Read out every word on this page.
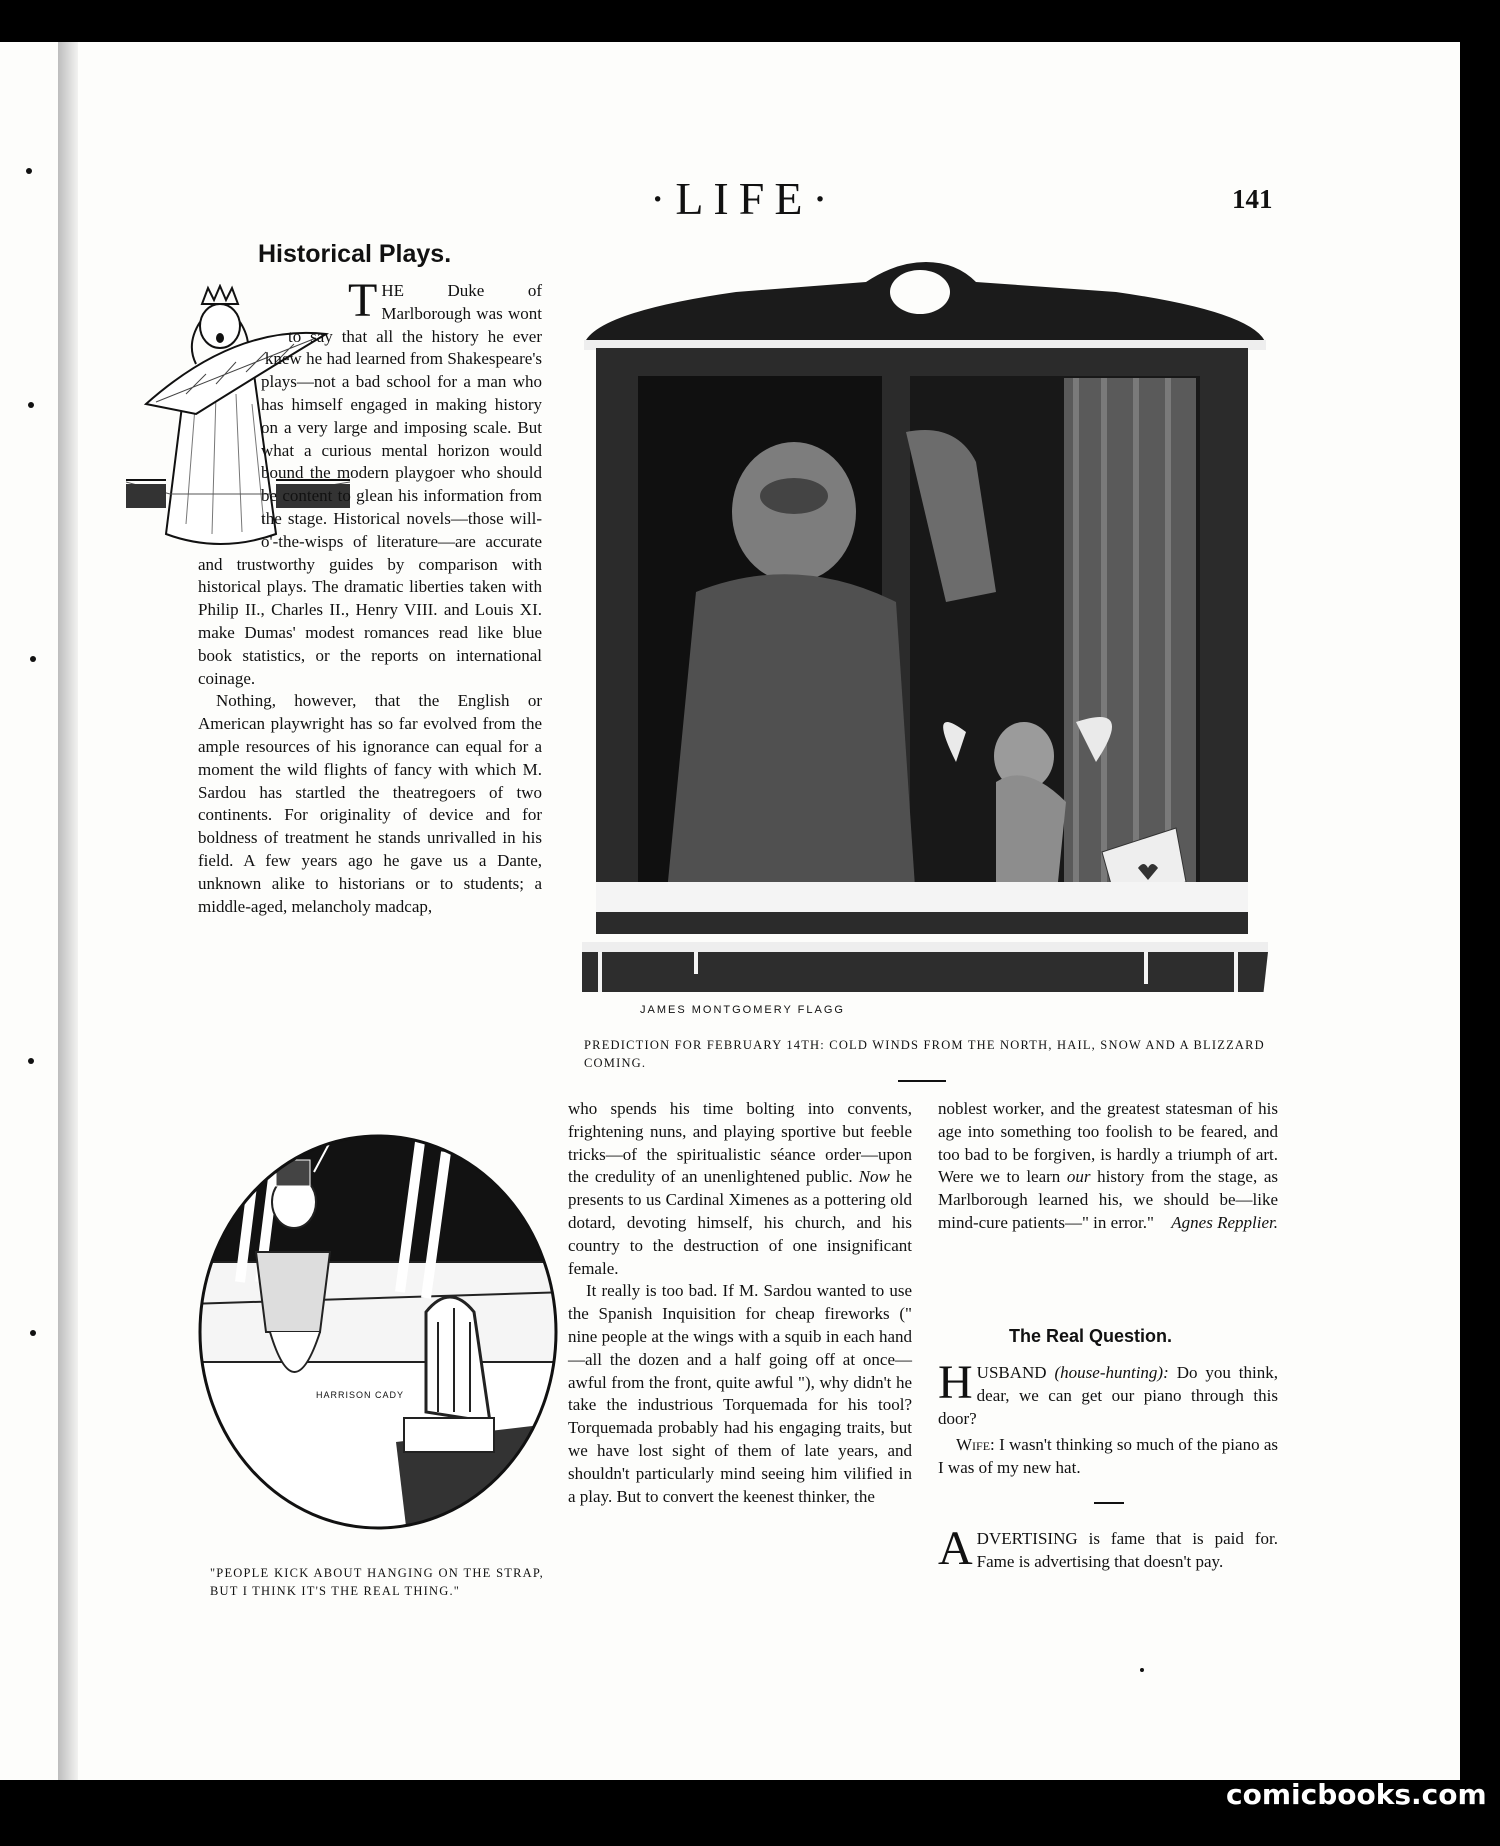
·LIFE·	141
Historical Plays.

THE Duke of Marlborough was wont to say that all the history he ever knew he had learned from Shakespeare's plays—not a bad school for a man who has himself engaged in making history on a very large and imposing scale. But what a curious mental horizon would bound the modern playgoer who should be content to glean his information from the stage. Historical novels—those will-o'-the-wisps of literature—are accurate and trustworthy guides by comparison with historical plays. The dramatic liberties taken with Philip II., Charles II., Henry VIII. and Louis XI. make Dumas' modest romances read like blue book statistics, or the reports on international coinage.

Nothing, however, that the English or American playwright has so far evolved from the ample resources of his ignorance can equal for a moment the wild flights of fancy with which M. Sardou has startled the theatregoers of two continents. For originality of device and for boldness of treatment he stands unrivalled in his field. A few years ago he gave us a Dante, unknown alike to historians or to students; a middle-aged, melancholy madcap,

JAMES MONTGOMERY FLAGG
PREDICTION FOR FEBRUARY 14TH: COLD WINDS FROM THE NORTH, HAIL, SNOW AND A BLIZZARD COMING.
HARRISON CADY
"PEOPLE KICK ABOUT HANGING ON THE STRAP, BUT I THINK IT'S THE REAL THING."

who spends his time bolting into convents, frightening nuns, and playing sportive but feeble tricks—of the spiritualistic séance order—upon the credulity of an unenlightened public. Now he presents to us Cardinal Ximenes as a pottering old dotard, devoting himself, his church, and his country to the destruction of one insignificant female.

It really is too bad. If M. Sardou wanted to use the Spanish Inquisition for cheap fireworks (" nine people at the wings with a squib in each hand—all the dozen and a half going off at once—awful from the front, quite awful "), why didn't he take the industrious Torquemada for his tool? Torquemada probably had his engaging traits, but we have lost sight of them of late years, and shouldn't particularly mind seeing him vilified in a play. But to convert the keenest thinker, the

noblest worker, and the greatest statesman of his age into something too foolish to be feared, and too bad to be forgiven, is hardly a triumph of art. Were we to learn our history from the stage, as Marlborough learned his, we should be—like mind-cure patients—" in error." Agnes Repplier.

The Real Question.

HUSBAND (house-hunting): Do you think, dear, we can get our piano through this door?

Wife: I wasn't thinking so much of the piano as I was of my new hat.

ADVERTISING is fame that is paid for. Fame is advertising that doesn't pay.

comicbooks.com
